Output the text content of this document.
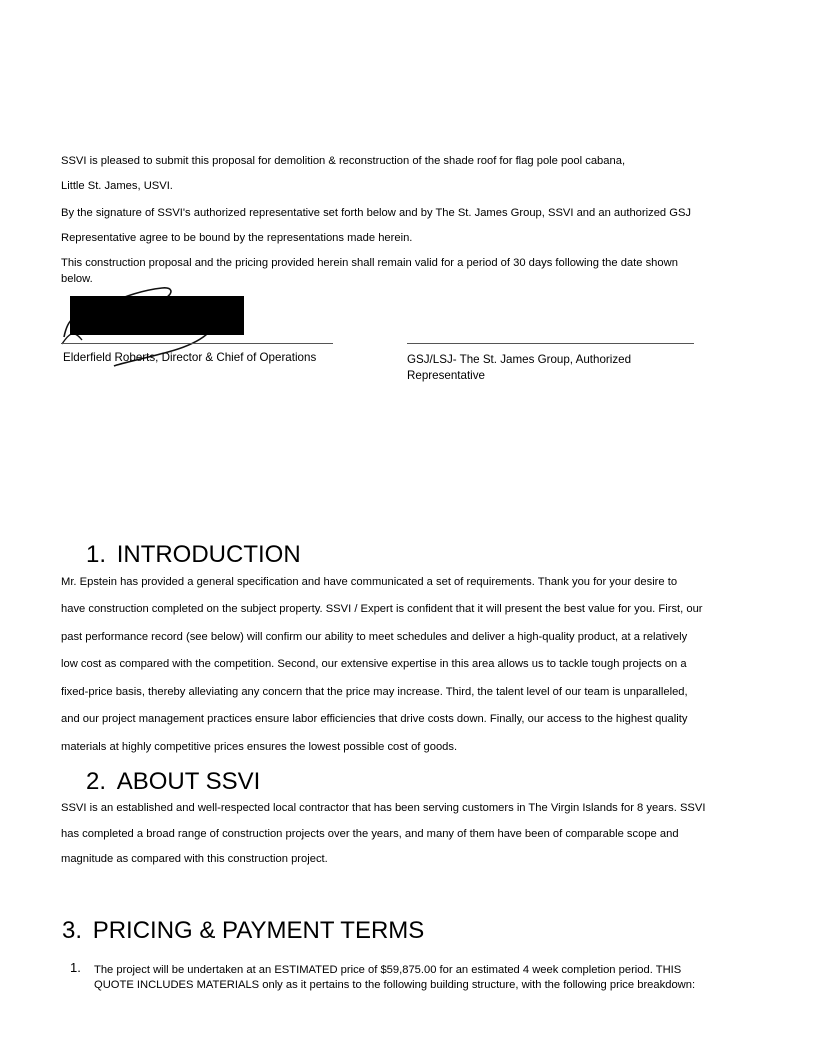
SSVI is pleased to submit this proposal for demolition & reconstruction of the shade roof for flag pole pool cabana,

Little St. James, USVI.

By the signature of SSVI's authorized representative set forth below and by The St. James Group, SSVI and an authorized GSJ

Representative agree to be bound by the representations made herein.

This construction proposal and the pricing provided herein shall remain valid for a period of 30 days following the date shown

below.

Elderfield Roberts, Director & Chief of Operations	GSJ/LSJ- The St. James Group, Authorized
Representative
1. INTRODUCTION

Mr. Epstein has provided a general specification and have communicated a set of requirements. Thank you for your desire to

have construction completed on the subject property. SSVI / Expert is confident that it will present the best value for you. First, our

past performance record (see below) will confirm our ability to meet schedules and deliver a high-quality product, at a relatively

low cost as compared with the competition. Second, our extensive expertise in this area allows us to tackle tough projects on a

fixed-price basis, thereby alleviating any concern that the price may increase. Third, the talent level of our team is unparalleled,

and our project management practices ensure labor efficiencies that drive costs down. Finally, our access to the highest quality

materials at highly competitive prices ensures the lowest possible cost of goods.

2. ABOUT SSVI

SSVI is an established and well-respected local contractor that has been serving customers in The Virgin Islands for 8 years. SSVI

has completed a broad range of construction projects over the years, and many of them have been of comparable scope and

magnitude as compared with this construction project.

3. PRICING & PAYMENT TERMS
1. The project will be undertaken at an ESTIMATED price of $59,875.00 for an estimated 4 week completion period. THIS
QUOTE INCLUDES MATERIALS only as it pertains to the following building structure, with the following price breakdown:
